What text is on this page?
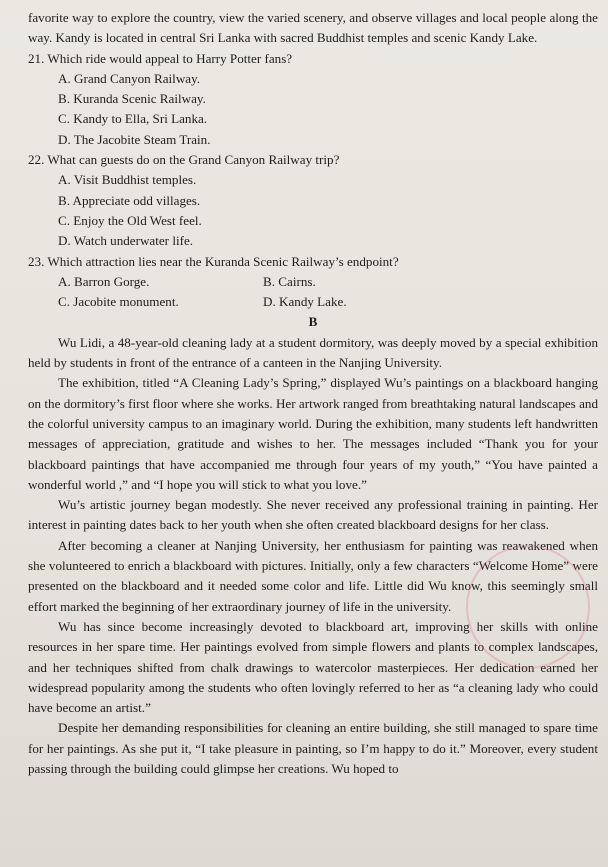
favorite way to explore the country, view the varied scenery, and observe villages and local people along the way. Kandy is located in central Sri Lanka with sacred Buddhist temples and scenic Kandy Lake.

21. Which ride would appeal to Harry Potter fans?

A. Grand Canyon Railway.

B. Kuranda Scenic Railway.

C. Kandy to Ella, Sri Lanka.

D. The Jacobite Steam Train.

22. What can guests do on the Grand Canyon Railway trip?

A. Visit Buddhist temples.

B. Appreciate odd villages.

C. Enjoy the Old West feel.

D. Watch underwater life.

23. Which attraction lies near the Kuranda Scenic Railway’s endpoint?

A. Barron Gorge.	B. Cairns.
C. Jacobite monument.	D. Kandy Lake.

B

Wu Lidi, a 48-year-old cleaning lady at a student dormitory, was deeply moved by a special exhibition held by students in front of the entrance of a canteen in the Nanjing University.

The exhibition, titled “A Cleaning Lady’s Spring,” displayed Wu’s paintings on a blackboard hanging on the dormitory’s first floor where she works. Her artwork ranged from breathtaking natural landscapes and the colorful university campus to an imaginary world. During the exhibition, many students left handwritten messages of appreciation, gratitude and wishes to her. The messages included “Thank you for your blackboard paintings that have accompanied me through four years of my youth,” “You have painted a wonderful world ,” and “I hope you will stick to what you love.”

Wu’s artistic journey began modestly. She never received any professional training in painting. Her interest in painting dates back to her youth when she often created blackboard designs for her class.

After becoming a cleaner at Nanjing University, her enthusiasm for painting was reawakened when she volunteered to enrich a blackboard with pictures. Initially, only a few characters “Welcome Home” were presented on the blackboard and it needed some color and life. Little did Wu know, this seemingly small effort marked the beginning of her extraordinary journey of life in the university.

Wu has since become increasingly devoted to blackboard art, improving her skills with online resources in her spare time. Her paintings evolved from simple flowers and plants to complex landscapes, and her techniques shifted from chalk drawings to watercolor masterpieces. Her dedication earned her widespread popularity among the students who often lovingly referred to her as “a cleaning lady who could have become an artist.”

Despite her demanding responsibilities for cleaning an entire building, she still managed to spare time for her paintings. As she put it, “I take pleasure in painting, so I’m happy to do it.” Moreover, every student passing through the building could glimpse her creations. Wu hoped to
